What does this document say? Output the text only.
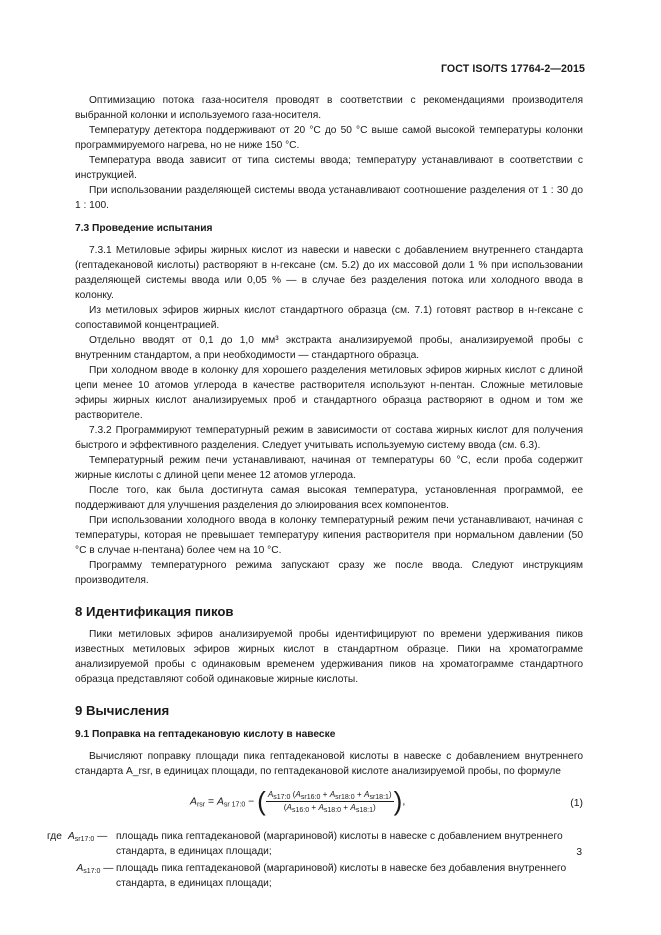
ГОСТ ISO/TS 17764-2—2015

Оптимизацию потока газа-носителя проводят в соответствии с рекомендациями производителя выбранной колонки и используемого газа-носителя.

Температуру детектора поддерживают от 20 °С до 50 °С выше самой высокой температуры колонки программируемого нагрева, но не ниже 150 °С.

Температура ввода зависит от типа системы ввода; температуру устанавливают в соответствии с инструкцией.

При использовании разделяющей системы ввода устанавливают соотношение разделения от 1 : 30 до 1 : 100.

7.3 Проведение испытания

7.3.1 Метиловые эфиры жирных кислот из навески и навески с добавлением внутреннего стандарта (гептадекановой кислоты) растворяют в н-гексане (см. 5.2) до их массовой доли 1 % при использовании разделяющей системы ввода или 0,05 % — в случае без разделения потока или холодного ввода в колонку.

Из метиловых эфиров жирных кислот стандартного образца (см. 7.1) готовят раствор в н-гексане с сопоставимой концентрацией.

Отдельно вводят от 0,1 до 1,0 мм³ экстракта анализируемой пробы, анализируемой пробы с внутренним стандартом, а при необходимости — стандартного образца.

При холодном вводе в колонку для хорошего разделения метиловых эфиров жирных кислот с длиной цепи менее 10 атомов углерода в качестве растворителя используют н-пентан. Сложные метиловые эфиры жирных кислот анализируемых проб и стандартного образца растворяют в одном и том же растворителе.

7.3.2 Программируют температурный режим в зависимости от состава жирных кислот для получения быстрого и эффективного разделения. Следует учитывать используемую систему ввода (см. 6.3).

Температурный режим печи устанавливают, начиная от температуры 60 °С, если проба содержит жирные кислоты с длиной цепи менее 12 атомов углерода.

После того, как была достигнута самая высокая температура, установленная программой, ее поддерживают для улучшения разделения до элюирования всех компонентов.

При использовании холодного ввода в колонку температурный режим печи устанавливают, начиная с температуры, которая не превышает температуру кипения растворителя при нормальном давлении (50 °С в случае н-пентана) более чем на 10 °С.

Программу температурного режима запускают сразу же после ввода. Следуют инструкциям производителя.

8 Идентификация пиков

Пики метиловых эфиров анализируемой пробы идентифицируют по времени удерживания пиков известных метиловых эфиров жирных кислот в стандартном образце. Пики на хроматограмме анализируемой пробы с одинаковым временем удерживания пиков на хроматограмме стандартного образца представляют собой одинаковые жирные кислоты.

9 Вычисления
9.1 Поправка на гептадекановую кислоту в навеске

Вычисляют поправку площади пика гептадекановой кислоты в навеске с добавлением внутреннего стандарта A_rsr, в единицах площади, по гептадекановой кислоте анализируемой пробы, по формуле

$A_{rsr} = A_{sr 17:0}$ − ( $\frac{A_{s17:0} (A_{sr16:0} + A_{sr18:0} + A_{sr18:1})}{(A_{s16:0} + A_{s18:0} + A_{s18:1})}$ ),	(1)
где $A_{sr17:0}$ — площадь пика гептадекановой (маргариновой) кислоты в навеске с добавлением внутреннего стандарта, в единицах площади;
$A_{s17:0}$ — площадь пика гептадекановой (маргариновой) кислоты в навеске без добавления внутреннего стандарта, в единицах площади;
3
